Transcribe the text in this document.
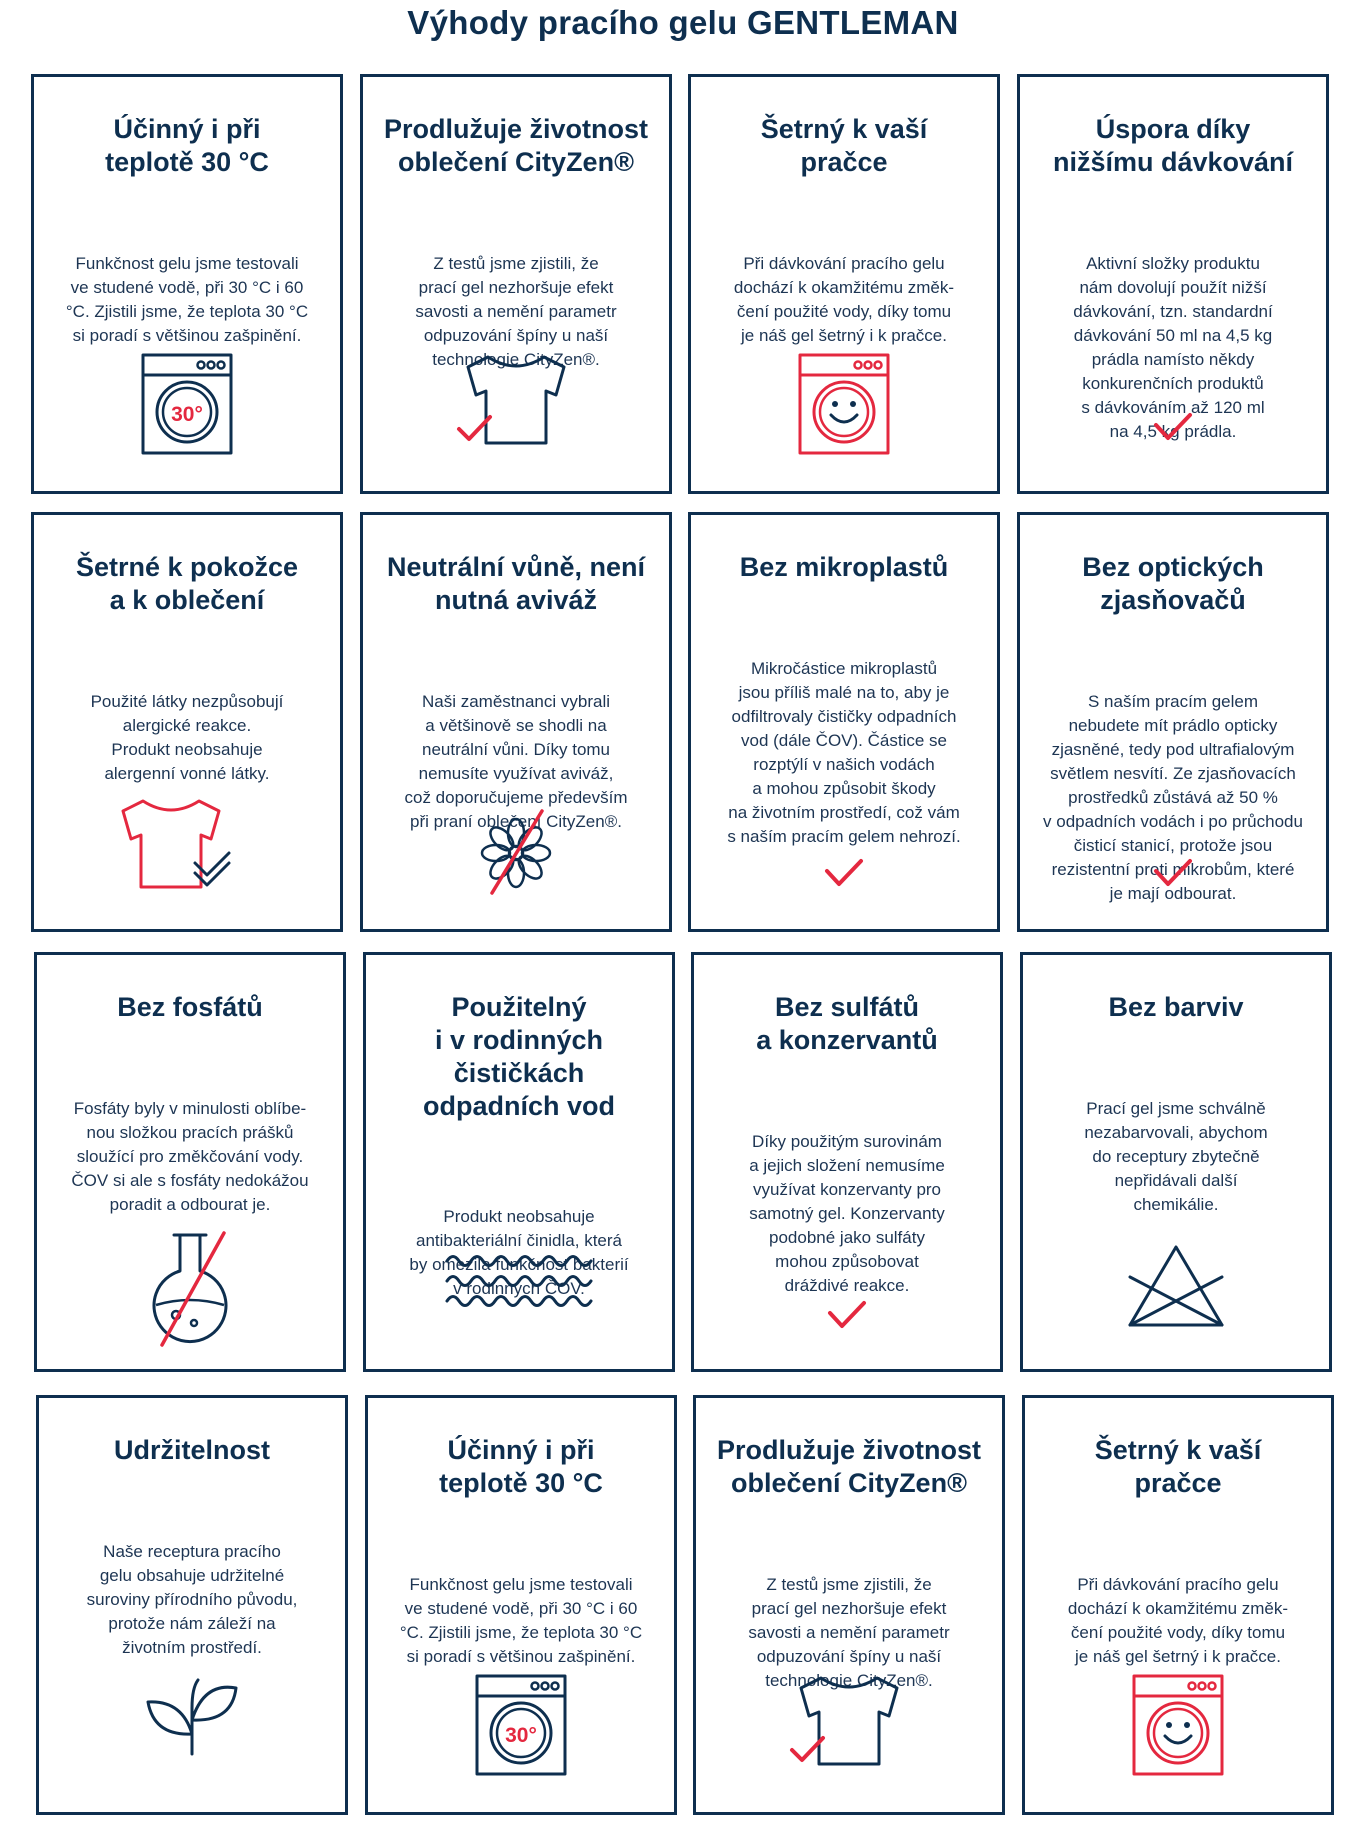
Výhody pracího gelu GENTLEMAN
Účinný i při
teplotě 30 °C
Funkčnost gelu jsme testovali
ve studené vodě, při 30 °C i 60
°C. Zjistili jsme, že teplota 30 °C
si poradí s většinou zašpinění.
30°
Prodlužuje životnost
oblečení CityZen®
Z testů jsme zjistili, že
prací gel nezhoršuje efekt
savosti a nemění parametr
odpuzování špíny u naší
technologie CityZen®.
Šetrný k vaší
pračce
Při dávkování pracího gelu
dochází k okamžitému změk-
čení použité vody, díky tomu
je náš gel šetrný i k pračce.
Úspora díky
nižšímu dávkování
Aktivní složky produktu
nám dovolují použít nižší
dávkování, tzn. standardní
dávkování 50 ml na 4,5 kg
prádla namísto někdy
konkurenčních produktů
s dávkováním až 120 ml
na 4,5 kg prádla.
Šetrné k pokožce
a k oblečení
Použité látky nezpůsobují
alergické reakce.
Produkt neobsahuje
alergenní vonné látky.
Neutrální vůně, není
nutná aviváž
Naši zaměstnanci vybrali
a většinově se shodli na
neutrální vůni. Díky tomu
nemusíte využívat aviváž,
což doporučujeme především
při praní oblečení CityZen®.
Bez mikroplastů
Mikročástice mikroplastů
jsou příliš malé na to, aby je
odfiltrovaly čističky odpadních
vod (dále ČOV). Částice se
rozptýlí v našich vodách
a mohou způsobit škody
na životním prostředí, což vám
s naším pracím gelem nehrozí.
Bez optických
zjasňovačů
S naším pracím gelem
nebudete mít prádlo opticky
zjasněné, tedy pod ultrafialovým
světlem nesvítí. Ze zjasňovacích
prostředků zůstává až 50 %
v odpadních vodách i po průchodu
čisticí stanicí, protože jsou
rezistentní proti mikrobům, které
je mají odbourat.
Bez fosfátů
Fosfáty byly v minulosti oblíbe-
nou složkou pracích prášků
sloužící pro změkčování vody.
ČOV si ale s fosfáty nedokážou
poradit a odbourat je.
Použitelný
i v rodinných
čističkách
odpadních vod
Produkt neobsahuje
antibakteriální činidla, která
by omezila funkčnost bakterií
v rodinných ČOV.
Bez sulfátů
a konzervantů
Díky použitým surovinám
a jejich složení nemusíme
využívat konzervanty pro
samotný gel. Konzervanty
podobné jako sulfáty
mohou způsobovat
dráždivé reakce.
Bez barviv
Prací gel jsme schválně
nezabarvovali, abychom
do receptury zbytečně
nepřidávali další
chemikálie.
Udržitelnost
Naše receptura pracího
gelu obsahuje udržitelné
suroviny přírodního původu,
protože nám záleží na
životním prostředí.
Účinný i při
teplotě 30 °C
Funkčnost gelu jsme testovali
ve studené vodě, při 30 °C i 60
°C. Zjistili jsme, že teplota 30 °C
si poradí s většinou zašpinění.
30°
Prodlužuje životnost
oblečení CityZen®
Z testů jsme zjistili, že
prací gel nezhoršuje efekt
savosti a nemění parametr
odpuzování špíny u naší
technologie CityZen®.
Šetrný k vaší
pračce
Při dávkování pracího gelu
dochází k okamžitému změk-
čení použité vody, díky tomu
je náš gel šetrný i k pračce.
